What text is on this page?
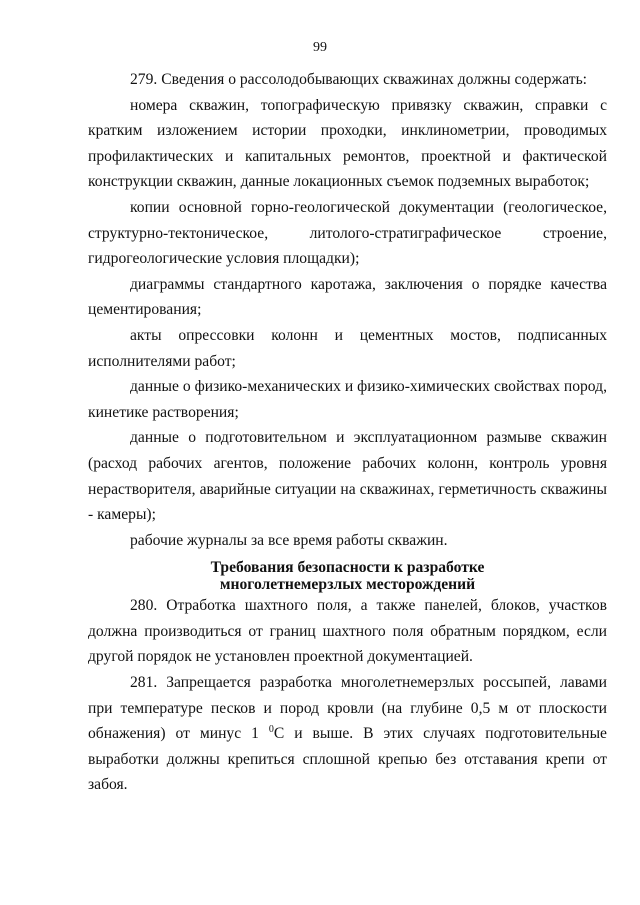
99

279. Сведения о рассолодобывающих скважинах должны содержать:

номера скважин, топографическую привязку скважин, справки с кратким изложением истории проходки, инклинометрии, проводимых профилактических и капитальных ремонтов, проектной и фактической конструкции скважин, данные локационных съемок подземных выработок;

копии основной горно-геологической документации (геологическое, структурно-тектоническое, литолого-стратиграфическое строение, гидрогеологические условия площадки);

диаграммы стандартного каротажа, заключения о порядке качества цементирования;

акты опрессовки колонн и цементных мостов, подписанных исполнителями работ;

данные о физико-механических и физико-химических свойствах пород, кинетике растворения;

данные о подготовительном и эксплуатационном размыве скважин (расход рабочих агентов, положение рабочих колонн, контроль уровня нерастворителя, аварийные ситуации на скважинах, герметичность скважины - камеры);

рабочие журналы за все время работы скважин.

Требования безопасности к разработке
многолетнемерзлых месторождений

280. Отработка шахтного поля, а также панелей, блоков, участков должна производиться от границ шахтного поля обратным порядком, если другой порядок не установлен проектной документацией.

281. Запрещается разработка многолетнемерзлых россыпей, лавами при температуре песков и пород кровли (на глубине 0,5 м от плоскости обнажения) от минус 1 $^0$С и выше. В этих случаях подготовительные выработки должны крепиться сплошной крепью без отставания крепи от забоя.
